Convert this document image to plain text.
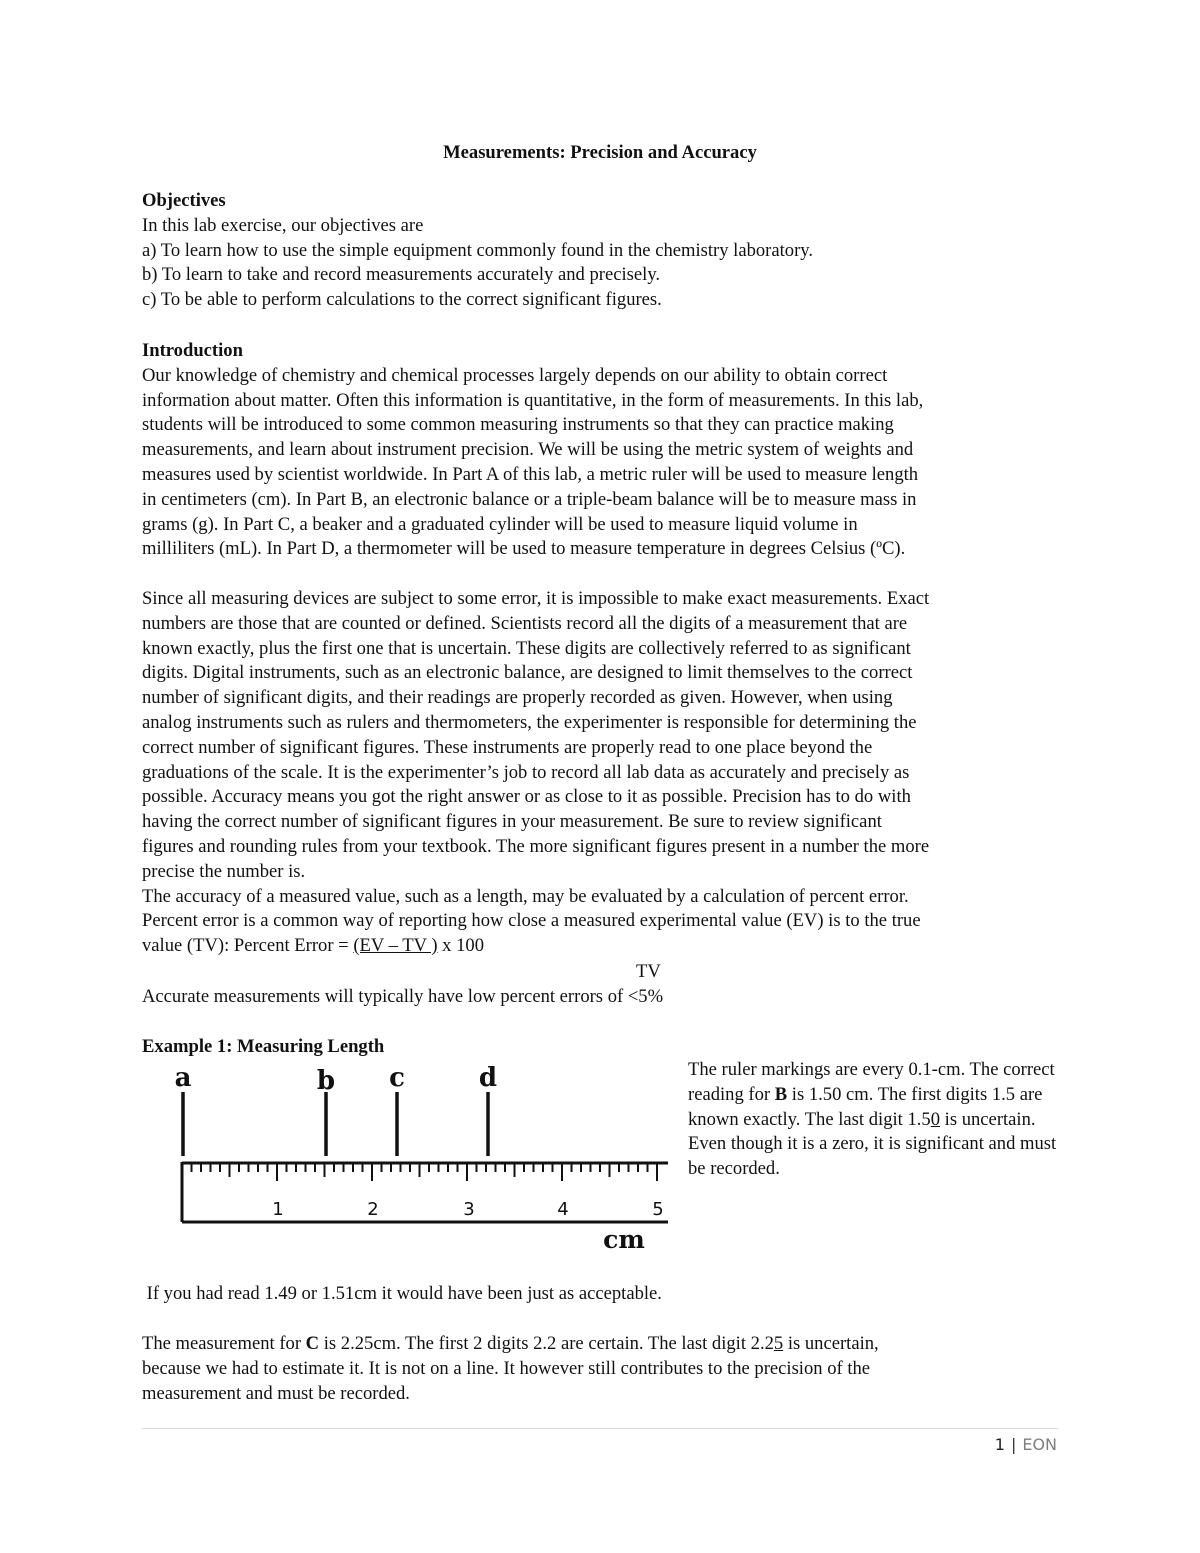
Measurements: Precision and Accuracy

Objectives
In this lab exercise, our objectives are
a) To learn how to use the simple equipment commonly found in the chemistry laboratory.
b) To learn to take and record measurements accurately and precisely.
c) To be able to perform calculations to the correct significant figures.
Introduction
Our knowledge of chemistry and chemical processes largely depends on our ability to obtain correct
information about matter. Often this information is quantitative, in the form of measurements. In this lab,
students will be introduced to some common measuring instruments so that they can practice making
measurements, and learn about instrument precision. We will be using the metric system of weights and
measures used by scientist worldwide. In Part A of this lab, a metric ruler will be used to measure length
in centimeters (cm). In Part B, an electronic balance or a triple-beam balance will be to measure mass in
grams (g). In Part C, a beaker and a graduated cylinder will be used to measure liquid volume in
milliliters (mL). In Part D, a thermometer will be used to measure temperature in degrees Celsius (ºC).
Since all measuring devices are subject to some error, it is impossible to make exact measurements. Exact
numbers are those that are counted or defined. Scientists record all the digits of a measurement that are
known exactly, plus the first one that is uncertain. These digits are collectively referred to as significant
digits. Digital instruments, such as an electronic balance, are designed to limit themselves to the correct
number of significant digits, and their readings are properly recorded as given. However, when using
analog instruments such as rulers and thermometers, the experimenter is responsible for determining the
correct number of significant figures. These instruments are properly read to one place beyond the
graduations of the scale. It is the experimenter’s job to record all lab data as accurately and precisely as
possible. Accuracy means you got the right answer or as close to it as possible. Precision has to do with
having the correct number of significant figures in your measurement. Be sure to review significant
figures and rounding rules from your textbook. The more significant figures present in a number the more
precise the number is.
The accuracy of a measured value, such as a length, may be evaluated by a calculation of percent error.
Percent error is a common way of reporting how close a measured experimental value (EV) is to the true
value (TV): Percent Error = (EV – TV ) x 100

TV

Accurate measurements will typically have low percent errors of <5%
Example 1: Measuring Length
1	2	3	4	5
a	b c	d
cm

The ruler markings are every 0.1-cm. The correct reading for B is 1.50 cm. The first digits 1.5 are known exactly. The last digit 1.50 is uncertain. Even though it is a zero, it is significant and must be recorded.

If you had read 1.49 or 1.51cm it would have been just as acceptable.
The measurement for C is 2.25cm. The first 2 digits 2.2 are certain. The last digit 2.25 is uncertain,
because we had to estimate it. It is not on a line. It however still contributes to the precision of the
measurement and must be recorded.
1 | EON
